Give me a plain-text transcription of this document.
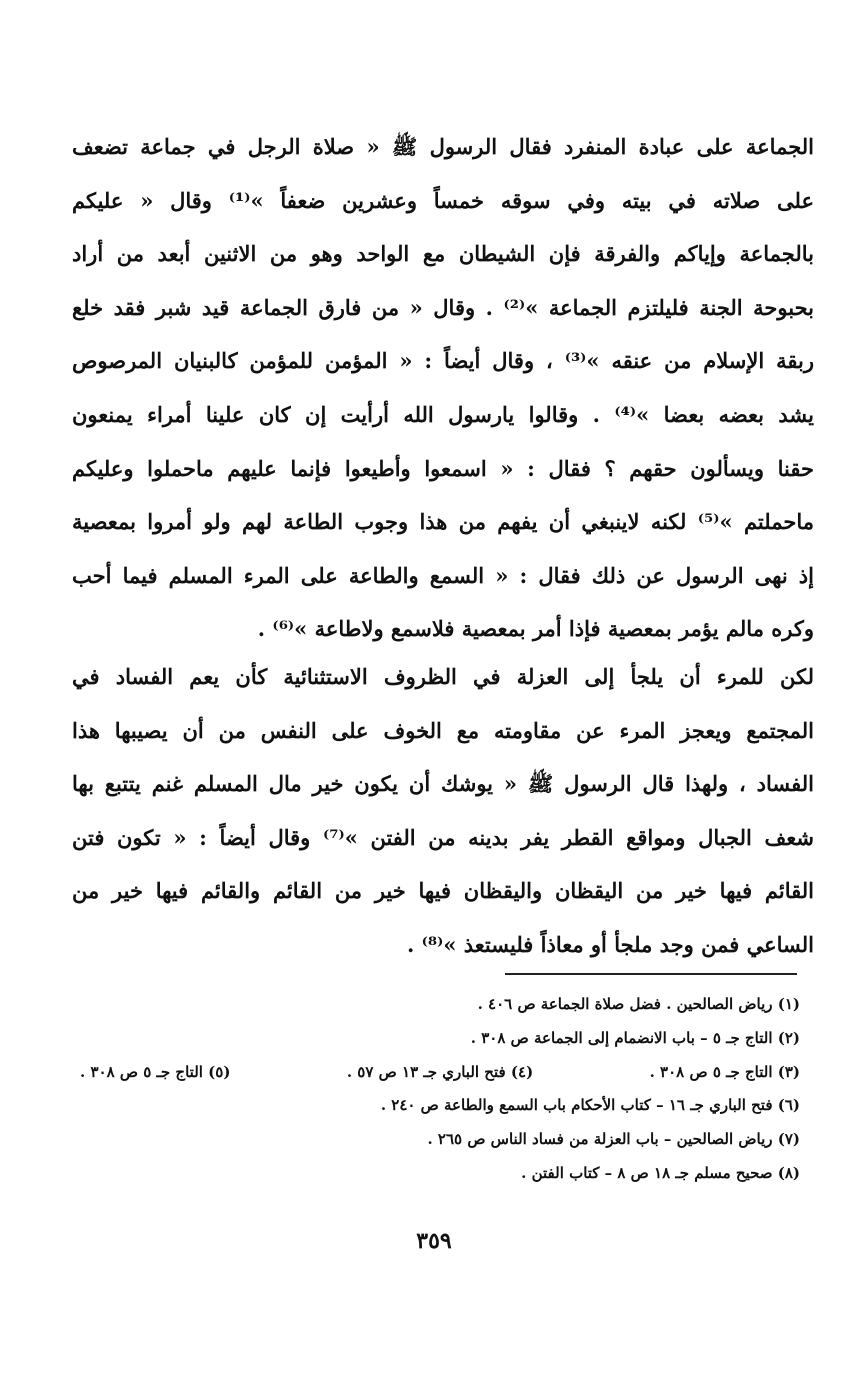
الجماعة على عبادة المنفرد فقال الرسول ﷺ « صلاة الرجل في جماعة تضعف
على صلاته في بيته وفي سوقه خمساً وعشرين ضعفاً »⁽¹⁾ وقال « عليكم
بالجماعة وإياكم والفرقة فإن الشيطان مع الواحد وهو من الاثنين أبعد من أراد
بحبوحة الجنة فليلتزم الجماعة »⁽²⁾ . وقال « من فارق الجماعة قيد شبر فقد خلع
ربقة الإسلام من عنقه »⁽³⁾ ، وقال أيضاً : « المؤمن للمؤمن كالبنيان المرصوص
يشد بعضه بعضا »⁽⁴⁾ . وقالوا يارسول الله أرأيت إن كان علينا أمراء يمنعون
حقنا ويسألون حقهم ؟ فقال : « اسمعوا وأطيعوا فإنما عليهم ماحملوا وعليكم
ماحملتم »⁽⁵⁾ لكنه لاينبغي أن يفهم من هذا وجوب الطاعة لهم ولو أمروا بمعصية
إذ نهى الرسول عن ذلك فقال : « السمع والطاعة على المرء المسلم فيما أحب
وكره مالم يؤمر بمعصية فإذا أمر بمعصية فلاسمع ولاطاعة »⁽⁶⁾ .
لكن للمرء أن يلجأ إلى العزلة في الظروف الاستثنائية كأن يعم الفساد في
المجتمع ويعجز المرء عن مقاومته مع الخوف على النفس من أن يصيبها هذا
الفساد ، ولهذا قال الرسول ﷺ « يوشك أن يكون خير مال المسلم غنم يتتبع بها
شعف الجبال ومواقع القطر يفر بدينه من الفتن »⁽⁷⁾ وقال أيضاً : « تكون فتن
القائم فيها خير من اليقظان واليقظان فيها خير من القائم والقائم فيها خير من
الساعي فمن وجد ملجأ أو معاذاً فليستعذ »⁽⁸⁾ .
(١) رياض الصالحين . فضل صلاة الجماعة ص ٤٠٦ .
(٢) التاج جـ ٥ – باب الانضمام إلى الجماعة ص ٣٠٨ .
(٣) التاج جـ ٥ ص ٣٠٨ .
(٤) فتح الباري جـ ١٣ ص ٥٧ .
(٥) التاج جـ ٥ ص ٣٠٨ .
(٦) فتح الباري جـ ١٦ – كتاب الأحكام باب السمع والطاعة ص ٢٤٠ .
(٧) رياض الصالحين – باب العزلة من فساد الناس ص ٢٦٥ .
(٨) صحيح مسلم جـ ١٨ ص ٨ – كتاب الفتن .
٣٥٩
